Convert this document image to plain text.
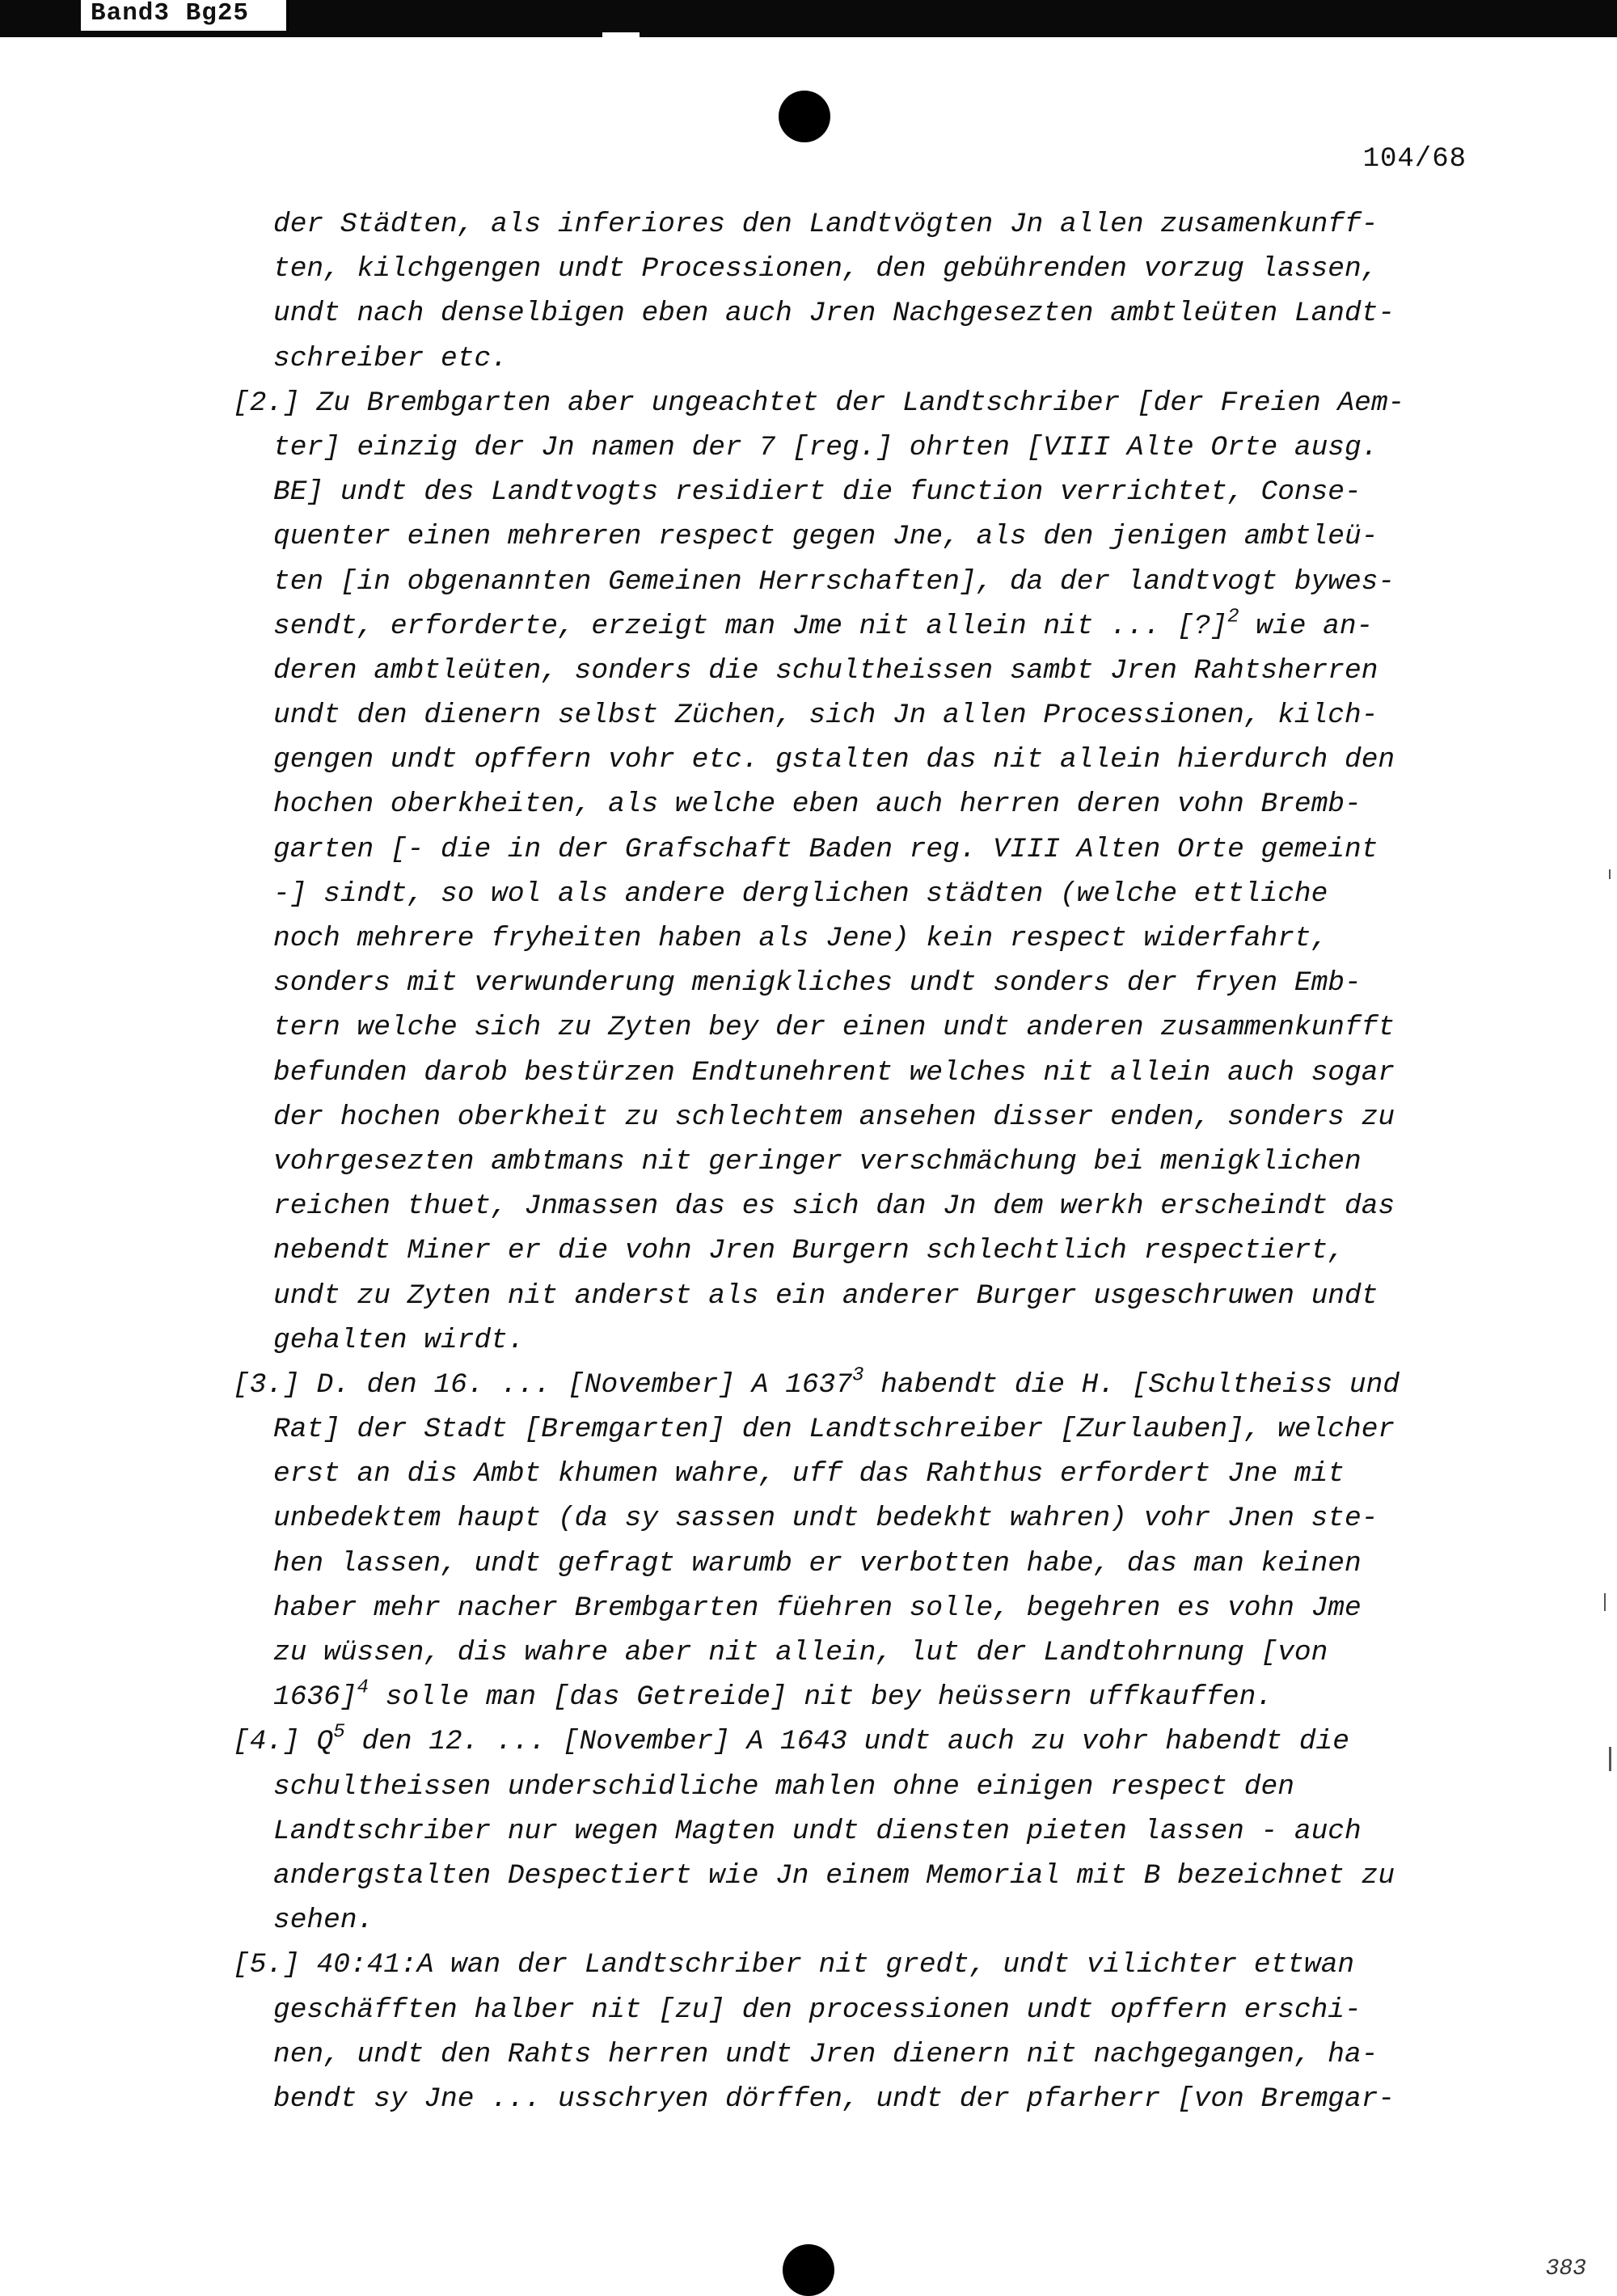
Band3 Bg25
104/68
der Städten, als inferiores den Landtvögten Jn allen zusamenkunff-
ten, kilchgengen undt Processionen, den gebührenden vorzug lassen,
undt nach denselbigen eben auch Jren Nachgesezten ambtleüten Landt-
schreiber etc.
[2.] Zu Brembgarten aber ungeachtet der Landtschriber [der Freien Aem-
ter] einzig der Jn namen der 7 [reg.] ohrten [VIII Alte Orte ausg.
BE] undt des Landtvogts residiert die function verrichtet, Conse-
quenter einen mehreren respect gegen Jne, als den jenigen ambtleü-
ten [in obgenannten Gemeinen Herrschaften], da der landtvogt bywes-
sendt, erforderte, erzeigt man Jme nit allein nit ... [?]$^2$ wie an-
deren ambtleüten, sonders die schultheissen sambt Jren Rahtsherren
undt den dienern selbst Züchen, sich Jn allen Processionen, kilch-
gengen undt opffern vohr etc. gstalten das nit allein hierdurch den
hochen oberkheiten, als welche eben auch herren deren vohn Bremb-
garten [- die in der Grafschaft Baden reg. VIII Alten Orte gemeint
-] sindt, so wol als andere derglichen städten (welche ettliche
noch mehrere fryheiten haben als Jene) kein respect widerfahrt,
sonders mit verwunderung menigkliches undt sonders der fryen Emb-
tern welche sich zu Zyten bey der einen undt anderen zusammenkunfft
befunden darob bestürzen Endtunehrent welches nit allein auch sogar
der hochen oberkheit zu schlechtem ansehen disser enden, sonders zu
vohrgesezten ambtmans nit geringer verschmächung bei menigklichen
reichen thuet, Jnmassen das es sich dan Jn dem werkh erscheindt das
nebendt Miner er die vohn Jren Burgern schlechtlich respectiert,
undt zu Zyten nit anderst als ein anderer Burger usgeschruwen undt
gehalten wirdt.
[3.] D. den 16. ... [November] A 1637$^3$ habendt die H. [Schultheiss und
Rat] der Stadt [Bremgarten] den Landtschreiber [Zurlauben], welcher
erst an dis Ambt khumen wahre, uff das Rahthus erfordert Jne mit
unbedektem haupt (da sy sassen undt bedekht wahren) vohr Jnen ste-
hen lassen, undt gefragt warumb er verbotten habe, das man keinen
haber mehr nacher Brembgarten füehren solle, begehren es vohn Jme
zu wüssen, dis wahre aber nit allein, lut der Landtohrnung [von
1636]$^4$ solle man [das Getreide] nit bey heüssern uffkauffen.
[4.] $Q^5$ den 12. ... [November] A 1643 undt auch zu vohr habendt die
schultheissen underschidliche mahlen ohne einigen respect den
Landtschriber nur wegen Magten undt diensten pieten lassen - auch
andergstalten Despectiert wie Jn einem Memorial mit B bezeichnet zu
sehen.
[5.] 40:41:A wan der Landtschriber nit gredt, undt vilichter ettwan
geschäfften halber nit [zu] den processionen undt opffern erschi-
nen, undt den Rahts herren undt Jren dienern nit nachgegangen, ha-
bendt sy Jne ... usschryen dörffen, undt der pfarherr [von Bremgar-
383
